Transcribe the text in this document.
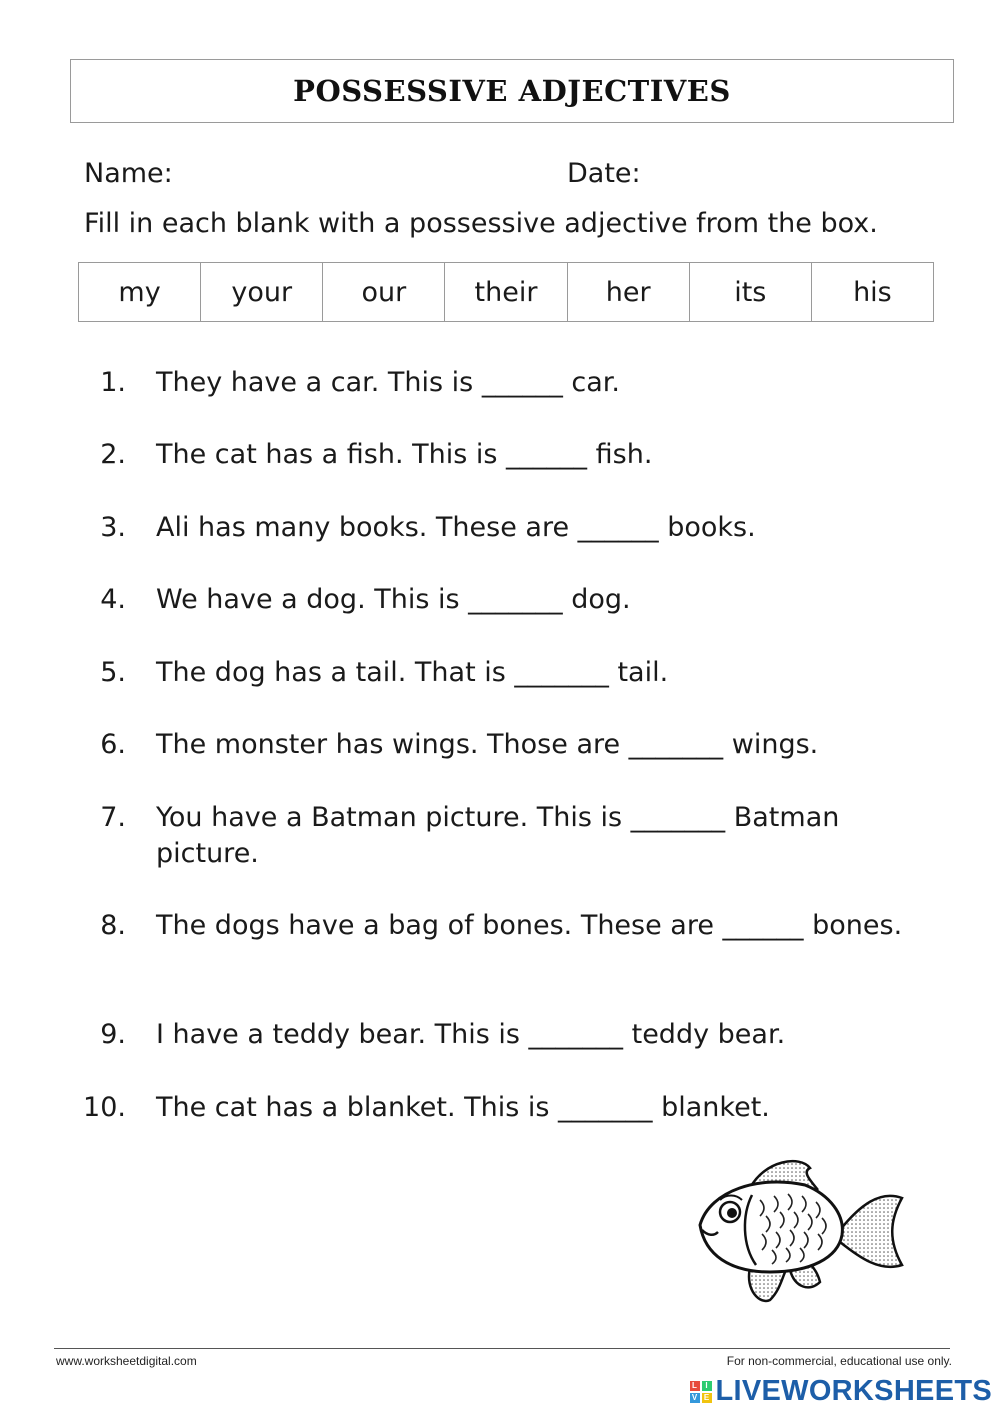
POSSESSIVE ADJECTIVES
Name:	Date:
Fill in each blank with a possessive adjective from the box.
my	your	our	their	her	its	his
1. They have a car. This is ______ car.
2. The cat has a fish. This is ______ fish.
3. Ali has many books. These are ______ books.
4. We have a dog. This is _______ dog.
5. The dog has a tail. That is _______ tail.
6. The monster has wings. Those are _______ wings.
7. You have a Batman picture. This is _______ Batman picture.
8. The dogs have a bag of bones. These are ______ bones.
9. I have a teddy bear. This is _______ teddy bear.
10. The cat has a blanket. This is _______ blanket.
www.worksheetdigital.com	For non-commercial, educational use only.
L	I
V E LIVEWORKSHEETS
